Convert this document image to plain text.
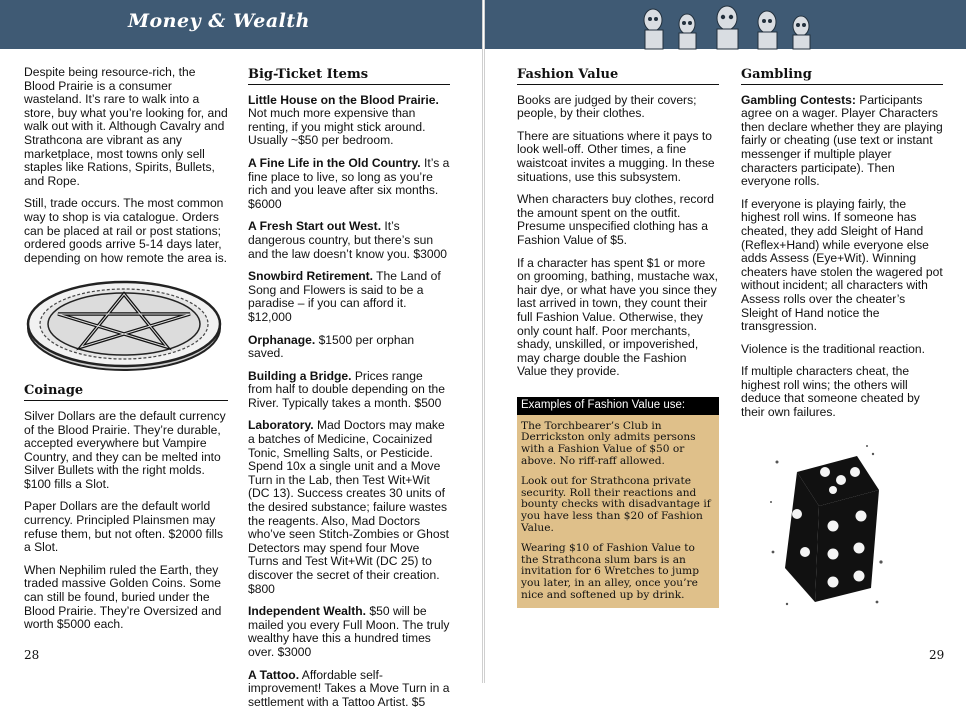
Money & Wealth

Despite being resource-rich, the Blood Prairie is a consumer wasteland. It’s rare to walk into a store, buy what you’re looking for, and walk out with it. Although Cavalry and Strathcona are vibrant as any marketplace, most towns only sell staples like Rations, Spirits, Bullets, and Rope.

Still, trade occurs. The most common way to shop is via catalogue. Orders can be placed at rail or post stations; ordered goods arrive 5-14 days later, depending on how remote the area is.

Coinage

Silver Dollars are the default currency of the Blood Prairie. They’re durable, accepted everywhere but Vampire Country, and they can be melted into Silver Bullets with the right molds. $100 fills a Slot.

Paper Dollars are the default world currency. Principled Plainsmen may refuse them, but not often. $2000 fills a Slot.

When Nephilim ruled the Earth, they traded massive Golden Coins. Some can still be found, buried under the Blood Prairie. They’re Oversized and worth $5000 each.

Big-Ticket Items

Little House on the Blood Prairie. Not much more expensive than renting, if you might stick around. Usually ~$50 per bedroom.

A Fine Life in the Old Country. It’s a fine place to live, so long as you’re rich and you leave after six months. $6000

A Fresh Start out West. It’s dangerous country, but there’s sun and the law doesn’t know you. $3000

Snowbird Retirement. The Land of Song and Flowers is said to be a paradise – if you can afford it. $12,000

Orphanage. $1500 per orphan saved.

Building a Bridge. Prices range from half to double depending on the River. Typically takes a month. $500

Laboratory. Mad Doctors may make a batches of Medicine, Cocainized Tonic, Smelling Salts, or Pesticide. Spend 10x a single unit and a Move Turn in the Lab, then Test Wit+Wit (DC 13). Success creates 30 units of the desired substance; failure wastes the reagents. Also, Mad Doctors who’ve seen Stitch-Zombies or Ghost Detectors may spend four Move Turns and Test Wit+Wit (DC 25) to discover the secret of their creation. $800

Independent Wealth. $50 will be mailed you every Full Moon. The truly wealthy have this a hundred times over. $3000

A Tattoo. Affordable self-improvement! Takes a Move Turn in a settlement with a Tattoo Artist. $5

28
Fashion Value

Books are judged by their covers; people, by their clothes.

There are situations where it pays to look well-off. Other times, a fine waistcoat invites a mugging. In these situations, use this subsystem.

When characters buy clothes, record the amount spent on the outfit. Presume unspecified clothing has a Fashion Value of $5.

If a character has spent $1 or more on grooming, bathing, mustache wax, hair dye, or what have you since they last arrived in town, they count their full Fashion Value. Otherwise, they only count half. Poor merchants, shady, unskilled, or impoverished, may charge double the Fashion Value they provide.

Examples of Fashion Value use:

The Torchbearer’s Club in Derrickston only admits persons with a Fashion Value of $50 or above. No riff-raff allowed.

Look out for Strathcona private security. Roll their reactions and bounty checks with disadvantage if you have less than $20 of Fashion Value.

Wearing $10 of Fashion Value to the Strathcona slum bars is an invitation for 6 Wretches to jump you later, in an alley, once you’re nice and softened up by drink.

Gambling

Gambling Contests: Participants agree on a wager. Player Characters then declare whether they are playing fairly or cheating (use text or instant messenger if multiple player characters participate). Then everyone rolls.

If everyone is playing fairly, the highest roll wins. If someone has cheated, they add Sleight of Hand (Reflex+Hand) while everyone else adds Assess (Eye+Wit). Winning cheaters have stolen the wagered pot without incident; all characters with Assess rolls over the cheater’s Sleight of Hand notice the transgression.

Violence is the traditional reaction.

If multiple characters cheat, the highest roll wins; the others will deduce that someone cheated by their own failures.

29
